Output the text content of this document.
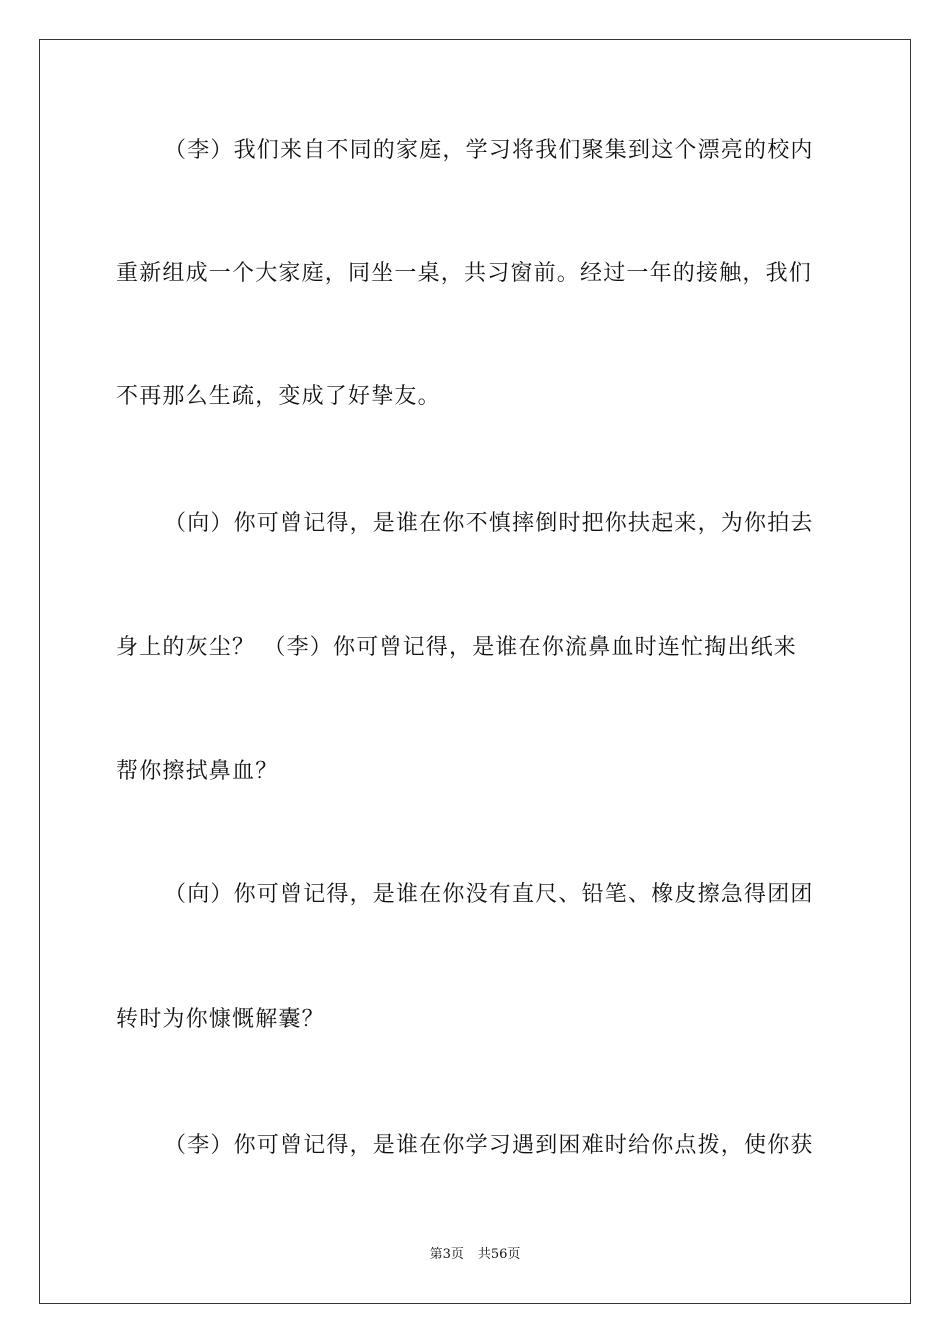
（李）我们来自不同的家庭，学习将我们聚集到这个漂亮的校内
重新组成一个大家庭，同坐一桌，共习窗前。经过一年的接触，我们
不再那么生疏，变成了好挚友。
（向）你可曾记得，是谁在你不慎摔倒时把你扶起来，为你拍去
身上的灰尘？ （李）你可曾记得，是谁在你流鼻血时连忙掏出纸来
帮你擦拭鼻血？
（向）你可曾记得，是谁在你没有直尺、铅笔、橡皮擦急得团团
转时为你慷慨解囊？
（李）你可曾记得，是谁在你学习遇到困难时给你点拨，使你获
第3页 共56页
